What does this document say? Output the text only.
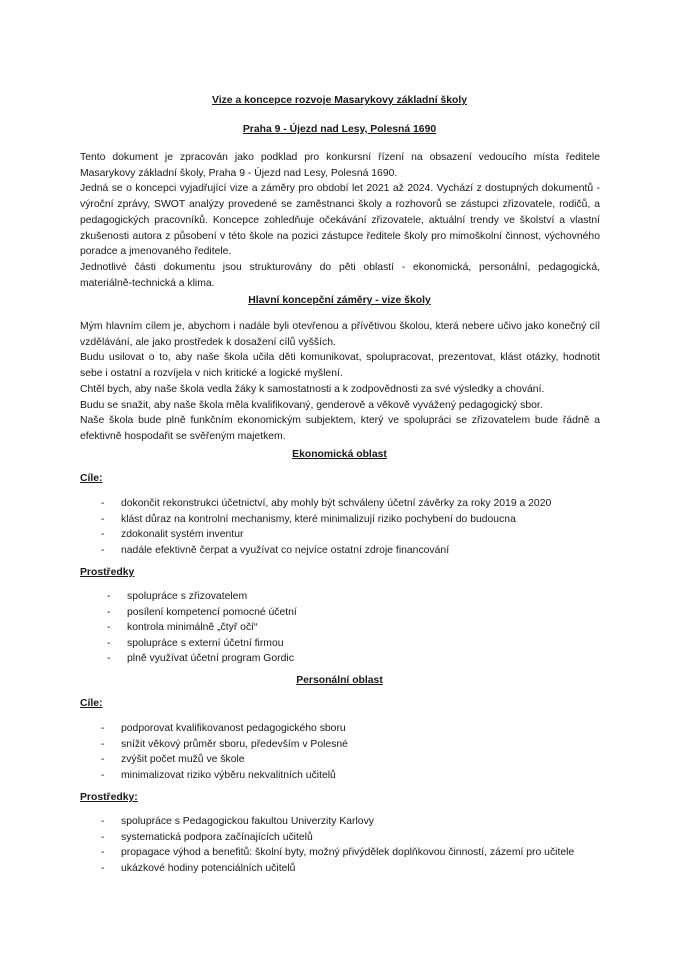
Vize a koncepce rozvoje Masarykovy základní školy
Praha 9 - Újezd nad Lesy, Polesná 1690

Tento dokument je zpracován jako podklad pro konkursní řízení na obsazení vedoucího místa ředitele Masarykovy základní školy, Praha 9 - Újezd nad Lesy, Polesná 1690.

Jedná se o koncepci vyjadřující vize a záměry pro období let 2021 až 2024. Vychází z dostupných dokumentů - výroční zprávy, SWOT analýzy provedené se zaměstnanci školy a rozhovorů se zástupci zřizovatele, rodičů, a pedagogických pracovníků. Koncepce zohledňuje očekávání zřizovatele, aktuální trendy ve školství a vlastní zkušenosti autora z působení v této škole na pozici zástupce ředitele školy pro mimoškolní činnost, výchovného poradce a jmenovaného ředitele.

Jednotlivé části dokumentu jsou strukturovány do pěti oblastí - ekonomická, personální, pedagogická, materiálně-technická a klima.

Hlavní koncepční záměry - vize školy

Mým hlavním cílem je, abychom i nadále byli otevřenou a přívětivou školou, která nebere učivo jako konečný cíl vzdělávání, ale jako prostředek k dosažení cílů vyšších.

Budu usilovat o to, aby naše škola učila děti komunikovat, spolupracovat, prezentovat, klást otázky, hodnotit sebe i ostatní a rozvíjela v nich kritické a logické myšlení.

Chtěl bych, aby naše škola vedla žáky k samostatnosti a k zodpovědnosti za své výsledky a chování.

Budu se snažit, aby naše škola měla kvalifikovaný, genderově a věkově vyvážený pedagogický sbor.

Naše škola bude plně funkčním ekonomickým subjektem, který ve spolupráci se zřizovatelem bude řádně a efektivně hospodařit se svěřeným majetkem.

Ekonomická oblast
Cíle:
- dokončit rekonstrukci účetnictví, aby mohly být schváleny účetní závěrky za roky 2019 a 2020
- klást důraz na kontrolní mechanismy, které minimalizují riziko pochybení do budoucna
- zdokonalit systém inventur
- nadále efektivně čerpat a využívat co nejvíce ostatní zdroje financování
Prostředky
- spolupráce s zřizovatelem
- posílení kompetencí pomocné účetní
- kontrola minimálně „čtyř očí“
- spolupráce s externí účetní firmou
- plně využívat účetní program Gordic
Personální oblast
Cíle:
- podporovat kvalifikovanost pedagogického sboru
- snížit věkový průměr sboru, především v Polesné
- zvýšit počet mužů ve škole
- minimalizovat riziko výběru nekvalitních učitelů
Prostředky:
- spolupráce s Pedagogickou fakultou Univerzity Karlovy
- systematická podpora začínajících učitelů
- propagace výhod a benefitů: školní byty, možný přivýdělek doplňkovou činností, zázemí pro učitele
- ukázkové hodiny potenciálních učitelů
